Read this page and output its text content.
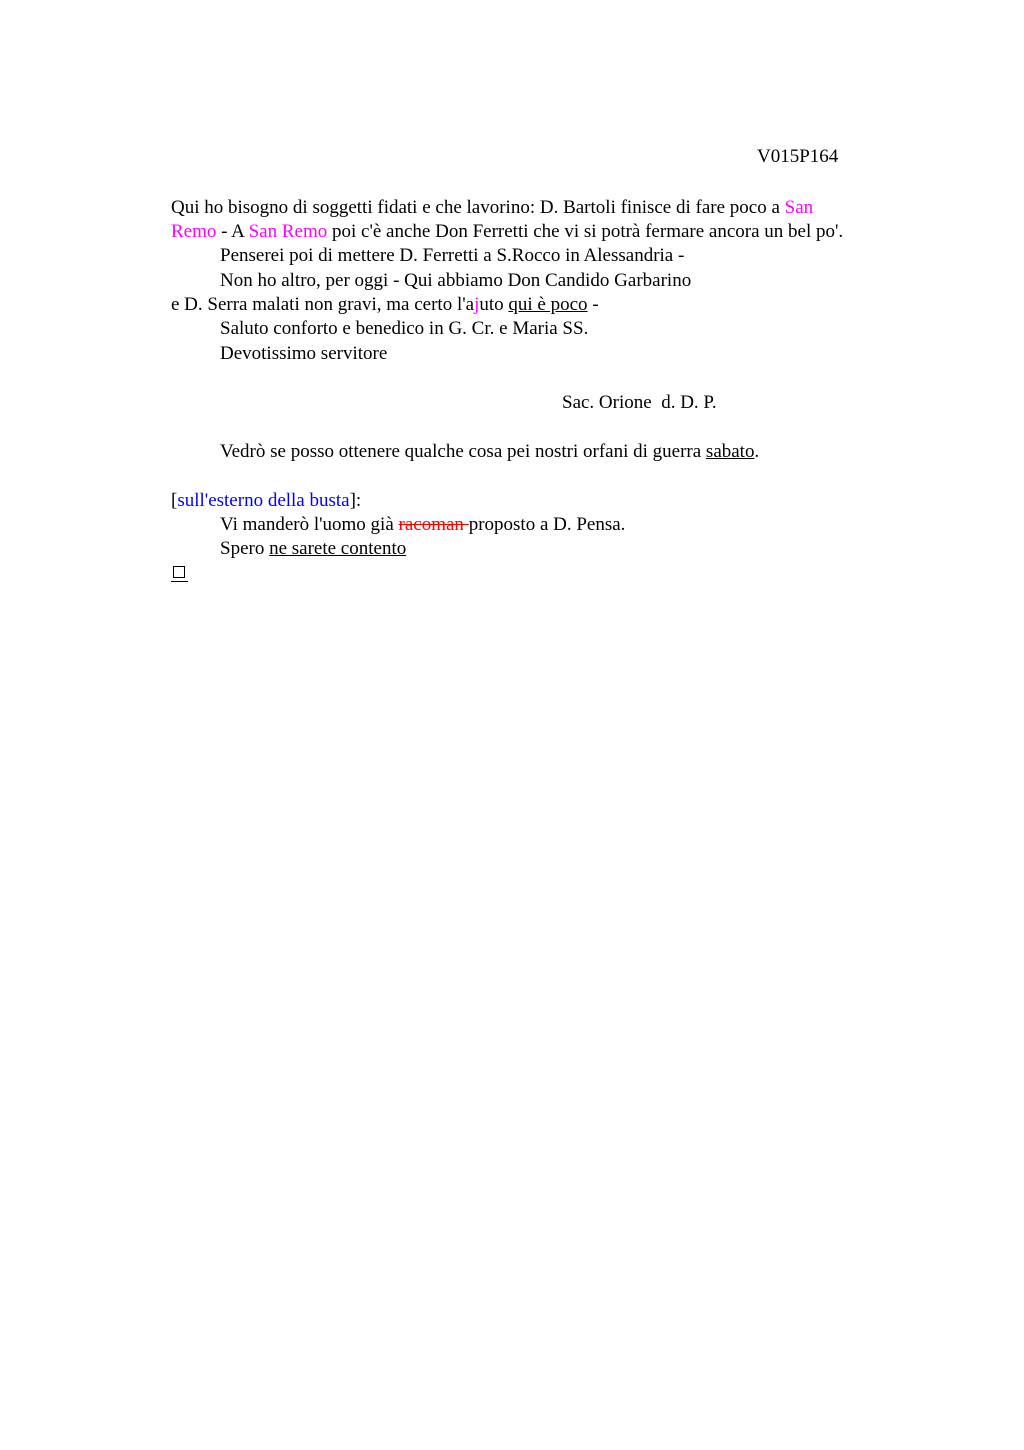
V015P164
Qui ho bisogno di soggetti fidati e che lavorino: D. Bartoli finisce di fare poco a San
Remo - A San Remo poi c'è anche Don Ferretti che vi si potrà fermare ancora un bel po'.
Penserei poi di mettere D. Ferretti a S.Rocco in Alessandria -
Non ho altro, per oggi - Qui abbiamo Don Candido Garbarino
e D. Serra malati non gravi, ma certo l'ajuto qui è poco -
Saluto conforto e benedico in G. Cr. e Maria SS.
Devotissimo servitore
Sac. Orione  d. D. P.
Vedrò se posso ottenere qualche cosa pei nostri orfani di guerra sabato.
[sull'esterno della busta]:
Vi manderò l'uomo già racoman proposto a D. Pensa.
Spero ne sarete contento
